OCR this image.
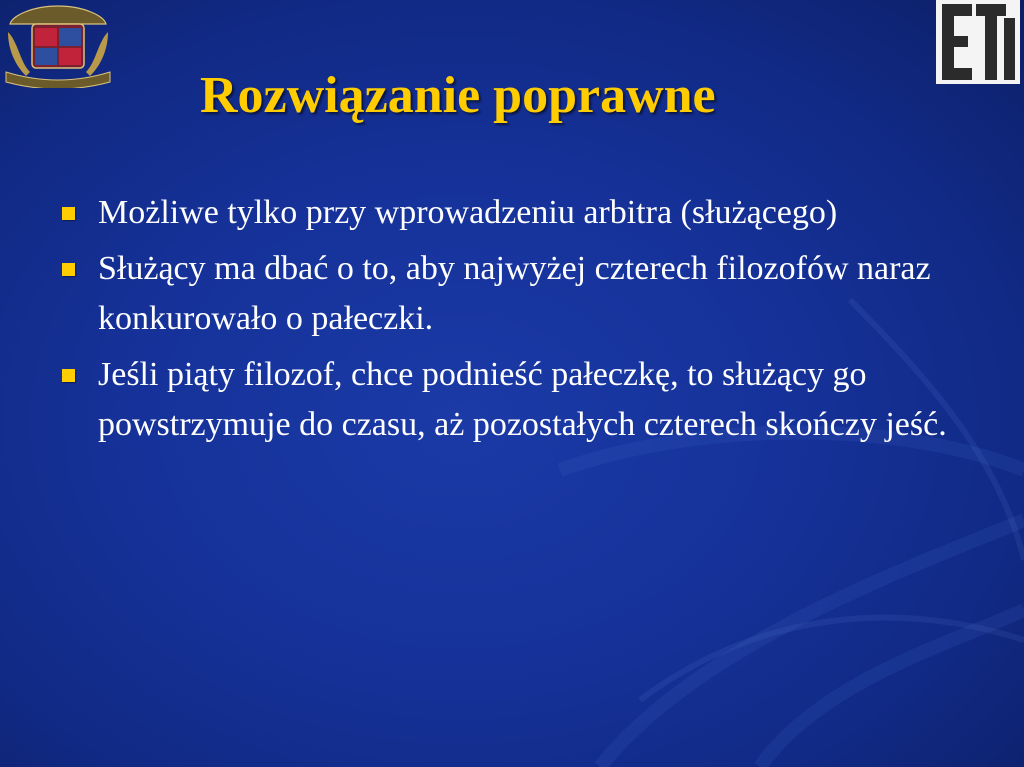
Rozwiązanie poprawne
Możliwe tylko przy wprowadzeniu arbitra (służącego)
Służący ma dbać o to, aby najwyżej czterech filozofów naraz konkurowało o pałeczki.
Jeśli piąty filozof, chce podnieść pałeczkę, to służący go powstrzymuje do czasu, aż pozostałych czterech skończy jeść.
